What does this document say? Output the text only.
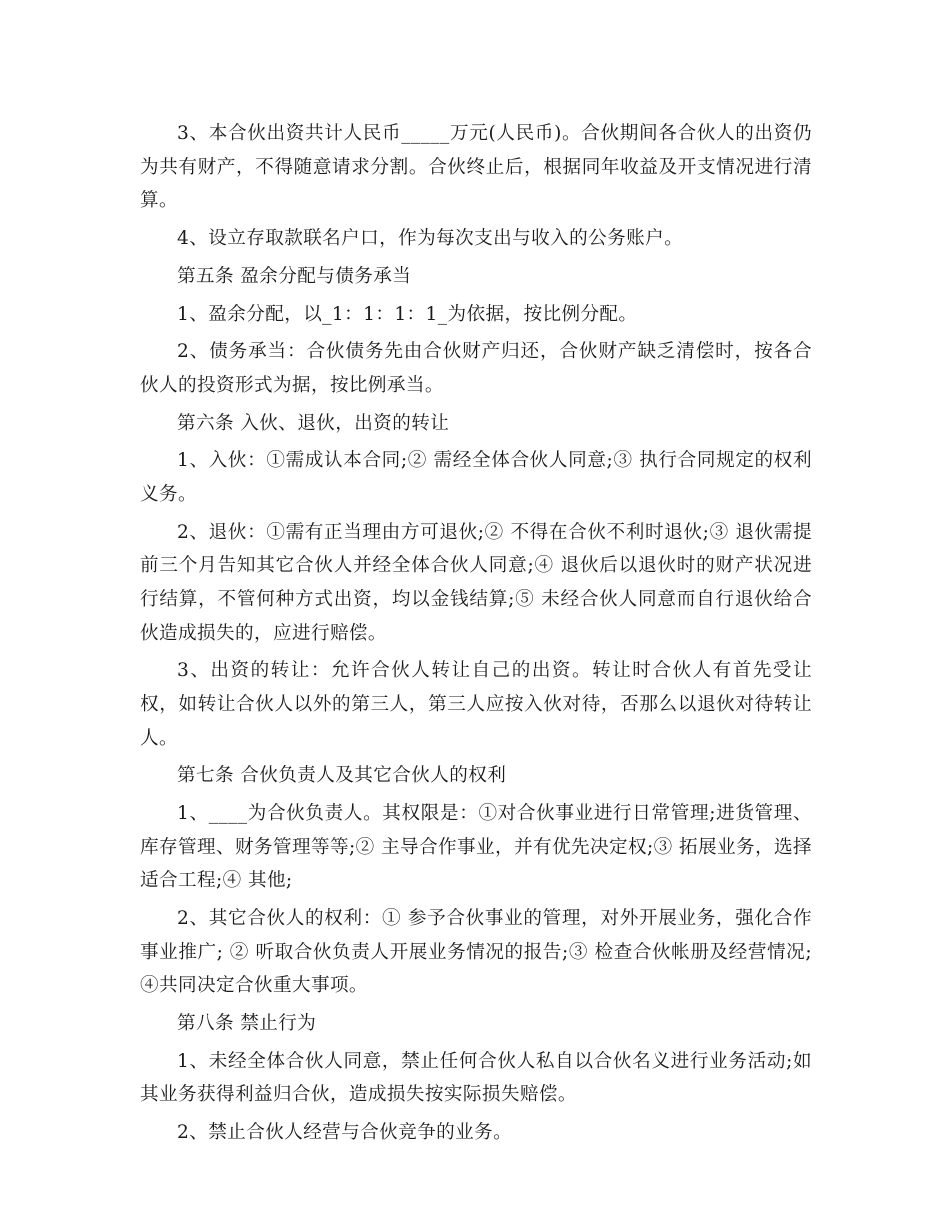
3、本合伙出资共计人民币_____万元(人民币)。合伙期间各合伙人的出资仍为共有财产，不得随意请求分割。合伙终止后，根据同年收益及开支情况进行清算。

4、设立存取款联名户口，作为每次支出与收入的公务账户。

第五条 盈余分配与债务承当

1、盈余分配，以_1：1：1：1_为依据，按比例分配。

2、债务承当：合伙债务先由合伙财产归还，合伙财产缺乏清偿时，按各合伙人的投资形式为据，按比例承当。

第六条 入伙、退伙，出资的转让

1、入伙：①需成认本合同;② 需经全体合伙人同意;③ 执行合同规定的权利义务。

2、退伙：①需有正当理由方可退伙;② 不得在合伙不利时退伙;③ 退伙需提前三个月告知其它合伙人并经全体合伙人同意;④ 退伙后以退伙时的财产状况进行结算，不管何种方式出资，均以金钱结算;⑤ 未经合伙人同意而自行退伙给合伙造成损失的，应进行赔偿。

3、出资的转让：允许合伙人转让自己的出资。转让时合伙人有首先受让权，如转让合伙人以外的第三人，第三人应按入伙对待，否那么以退伙对待转让人。

第七条 合伙负责人及其它合伙人的权利

1、____为合伙负责人。其权限是：①对合伙事业进行日常管理;进货管理、库存管理、财务管理等等;② 主导合作事业，并有优先决定权;③ 拓展业务，选择适合工程;④ 其他;

2、其它合伙人的权利：① 参予合伙事业的管理，对外开展业务，强化合作事业推广; ② 听取合伙负责人开展业务情况的报告;③ 检查合伙帐册及经营情况;④共同决定合伙重大事项。

第八条 禁止行为

1、未经全体合伙人同意，禁止任何合伙人私自以合伙名义进行业务活动;如其业务获得利益归合伙，造成损失按实际损失赔偿。

2、禁止合伙人经营与合伙竞争的业务。
